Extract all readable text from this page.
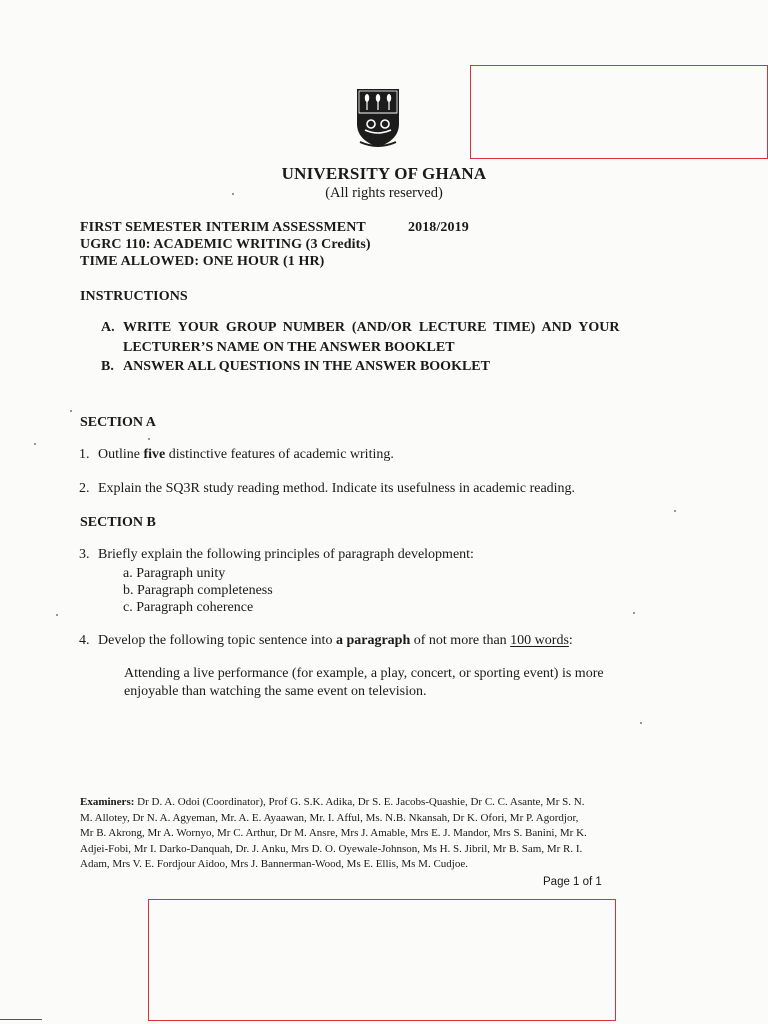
UNIVERSITY OF GHANA
(All rights reserved)
FIRST SEMESTER INTERIM ASSESSMENT	2018/2019
UGRC 110: ACADEMIC WRITING (3 Credits)
TIME ALLOWED: ONE HOUR (1 HR)
INSTRUCTIONS
A. WRITE YOUR GROUP NUMBER (AND/OR LECTURE TIME) AND YOUR
LECTURER’S NAME ON THE ANSWER BOOKLET
B. ANSWER ALL QUESTIONS IN THE ANSWER BOOKLET
SECTION A
1. Outline five distinctive features of academic writing.
2. Explain the SQ3R study reading method. Indicate its usefulness in academic reading.
SECTION B
3. Briefly explain the following principles of paragraph development:
a. Paragraph unity
b. Paragraph completeness
c. Paragraph coherence
4. Develop the following topic sentence into a paragraph of not more than 100 words:
Attending a live performance (for example, a play, concert, or sporting event) is more
enjoyable than watching the same event on television.
Examiners: Dr D. A. Odoi (Coordinator), Prof G. S.K. Adika, Dr S. E. Jacobs-Quashie, Dr C. C. Asante, Mr S. N.
M. Allotey, Dr N. A. Agyeman, Mr. A. E. Ayaawan, Mr. I. Afful, Ms. N.B. Nkansah, Dr K. Ofori, Mr P. Agordjor,
Mr B. Akrong, Mr A. Wornyo, Mr C. Arthur, Dr M. Ansre, Mrs J. Amable, Mrs E. J. Mandor, Mrs S. Banini, Mr K.
Adjei-Fobi, Mr I. Darko-Danquah, Dr. J. Anku, Mrs D. O. Oyewale-Johnson, Ms H. S. Jibril, Mr B. Sam, Mr R. I.
Adam, Mrs V. E. Fordjour Aidoo, Mrs J. Bannerman-Wood, Ms E. Ellis, Ms M. Cudjoe.
Page 1 of 1
